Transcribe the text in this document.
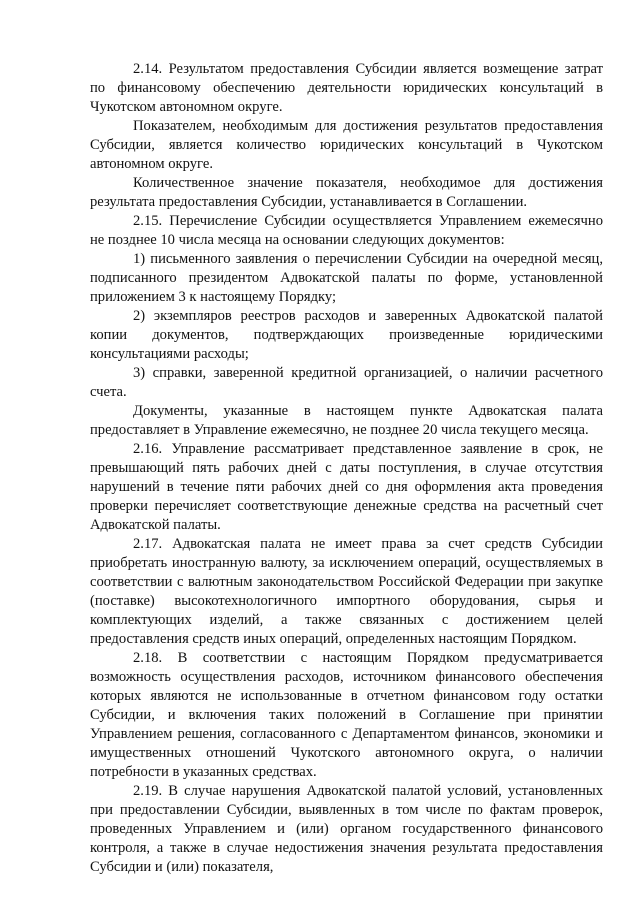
2.14. Результатом предоставления Субсидии является возмещение затрат по финансовому обеспечению деятельности юридических консультаций в Чукотском автономном округе.

Показателем, необходимым для достижения результатов предоставления Субсидии, является количество юридических консультаций в Чукотском автономном округе.

Количественное значение показателя, необходимое для достижения результата предоставления Субсидии, устанавливается в Соглашении.

2.15. Перечисление Субсидии осуществляется Управлением ежемесячно не позднее 10 числа месяца на основании следующих документов:

1) письменного заявления о перечислении Субсидии на очередной месяц, подписанного президентом Адвокатской палаты по форме, установленной приложением 3 к настоящему Порядку;

2) экземпляров реестров расходов и заверенных Адвокатской палатой копии документов, подтверждающих произведенные юридическими консультациями расходы;

3) справки, заверенной кредитной организацией, о наличии расчетного счета.

Документы, указанные в настоящем пункте Адвокатская палата предоставляет в Управление ежемесячно, не позднее 20 числа текущего месяца.

2.16. Управление рассматривает представленное заявление в срок, не превышающий пять рабочих дней с даты поступления, в случае отсутствия нарушений в течение пяти рабочих дней со дня оформления акта проведения проверки перечисляет соответствующие денежные средства на расчетный счет Адвокатской палаты.

2.17. Адвокатская палата не имеет права за счет средств Субсидии приобретать иностранную валюту, за исключением операций, осуществляемых в соответствии с валютным законодательством Российской Федерации при закупке (поставке) высокотехнологичного импортного оборудования, сырья и комплектующих изделий, а также связанных с достижением целей предоставления средств иных операций, определенных настоящим Порядком.

2.18. В соответствии с настоящим Порядком предусматривается возможность осуществления расходов, источником финансового обеспечения которых являются не использованные в отчетном финансовом году остатки Субсидии, и включения таких положений в Соглашение при принятии Управлением решения, согласованного с Департаментом финансов, экономики и имущественных отношений Чукотского автономного округа, о наличии потребности в указанных средствах.

2.19. В случае нарушения Адвокатской палатой условий, установленных при предоставлении Субсидии, выявленных в том числе по фактам проверок, проведенных Управлением и (или) органом государственного финансового контроля, а также в случае недостижения значения результата предоставления Субсидии и (или) показателя,
